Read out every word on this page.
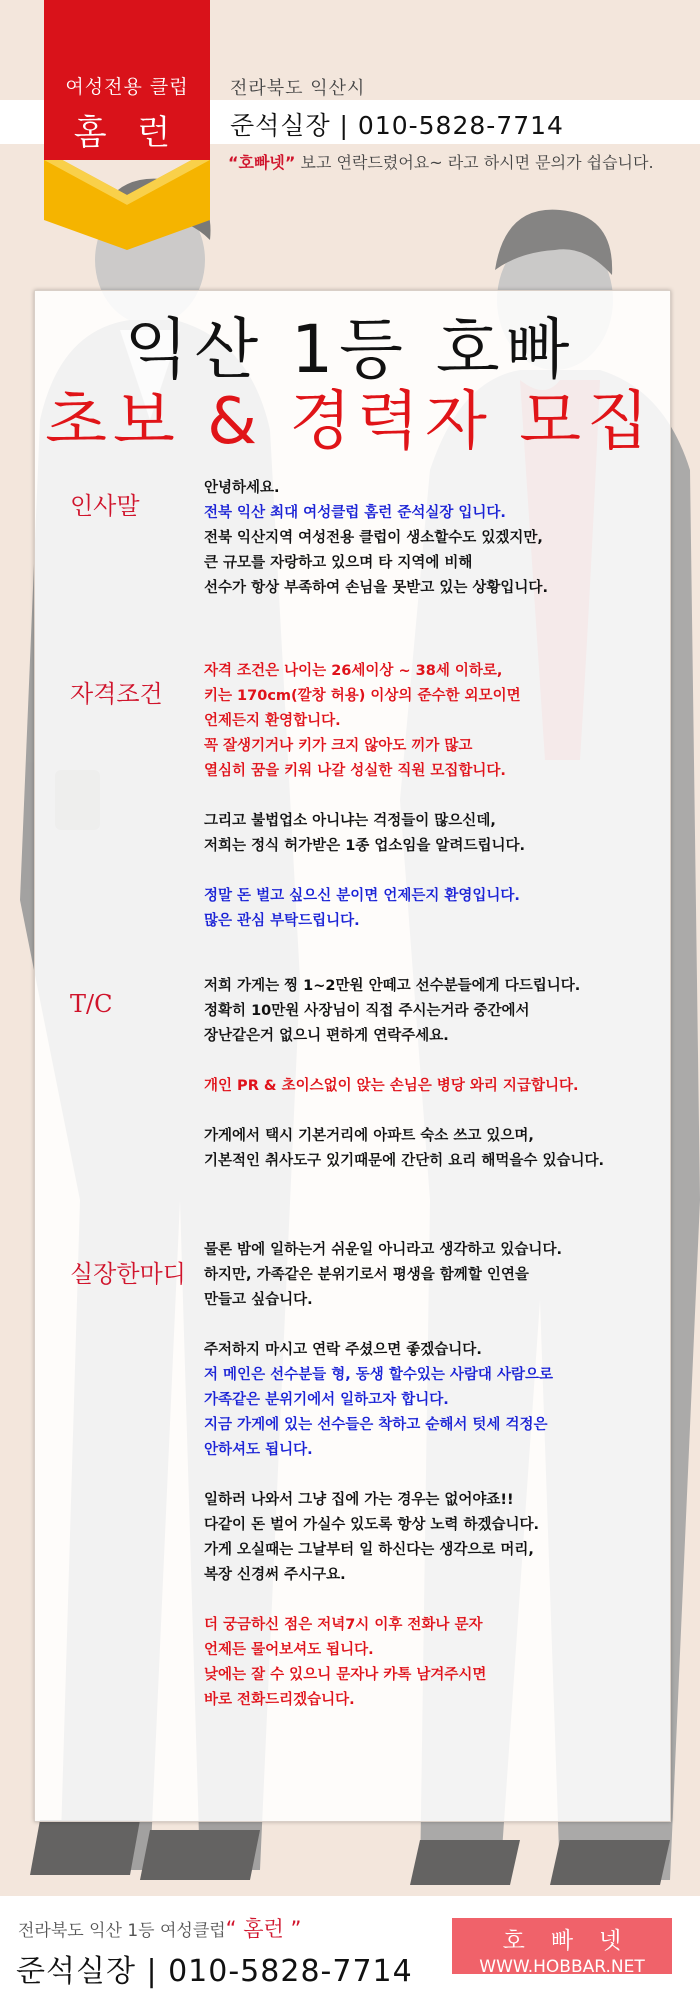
여성전용 클럽
홈 런
전라북도 익산시
준석실장 | 010-5828-7714
“호빠넷” 보고 연락드렸어요~ 라고 하시면 문의가 쉽습니다.
익산 1등 호빠
초보 & 경력자 모집
인사말
안녕하세요.
전북 익산 최대 여성클럽 홈런 준석실장 입니다.
전북 익산지역 여성전용 클럽이 생소할수도 있겠지만,
큰 규모를 자랑하고 있으며 타 지역에 비해
선수가 항상 부족하여 손님을 못받고 있는 상황입니다.
자격조건
자격 조건은 나이는 26세이상 ~ 38세 이하로,
키는 170cm(깔창 허용) 이상의 준수한 외모이면
언제든지 환영합니다.
꼭 잘생기거나 키가 크지 않아도 끼가 많고
열심히 꿈을 키워 나갈 성실한 직원 모집합니다.
그리고 불법업소 아니냐는 걱정들이 많으신데,
저희는 정식 허가받은 1종 업소임을 알려드립니다.
정말 돈 벌고 싶으신 분이면 언제든지 환영입니다.
많은 관심 부탁드립니다.
T/C
저희 가게는 찡 1~2만원 안떼고 선수분들에게 다드립니다.
정확히 10만원 사장님이 직접 주시는거라 중간에서
장난같은거 없으니 편하게 연락주세요.
개인 PR & 초이스없이 앉는 손님은 병당 와리 지급합니다.
가게에서 택시 기본거리에 아파트 숙소 쓰고 있으며,
기본적인 취사도구 있기때문에 간단히 요리 해먹을수 있습니다.
실장한마디
물론 밤에 일하는거 쉬운일 아니라고 생각하고 있습니다.
하지만, 가족같은 분위기로서 평생을 함께할 인연을
만들고 싶습니다.
주저하지 마시고 연락 주셨으면 좋겠습니다.
저 메인은 선수분들 형, 동생 할수있는 사람대 사람으로
가족같은 분위기에서 일하고자 합니다.
지금 가게에 있는 선수들은 착하고 순해서 텃세 걱정은
안하셔도 됩니다.
일하러 나와서 그냥 집에 가는 경우는 없어야죠!!
다같이 돈 벌어 가실수 있도록 항상 노력 하겠습니다.
가게 오실때는 그날부터 일 하신다는 생각으로 머리,
복장 신경써 주시구요.
더 궁금하신 점은 저녁7시 이후 전화나 문자
언제든 물어보셔도 됩니다.
낮에는 잘 수 있으니 문자나 카톡 남겨주시면
바로 전화드리겠습니다.
전라북도 익산 1등 여성클럽“ 홈런 ”
준석실장 | 010-5828-7714
호빠넷
WWW.HOBBAR.NET
